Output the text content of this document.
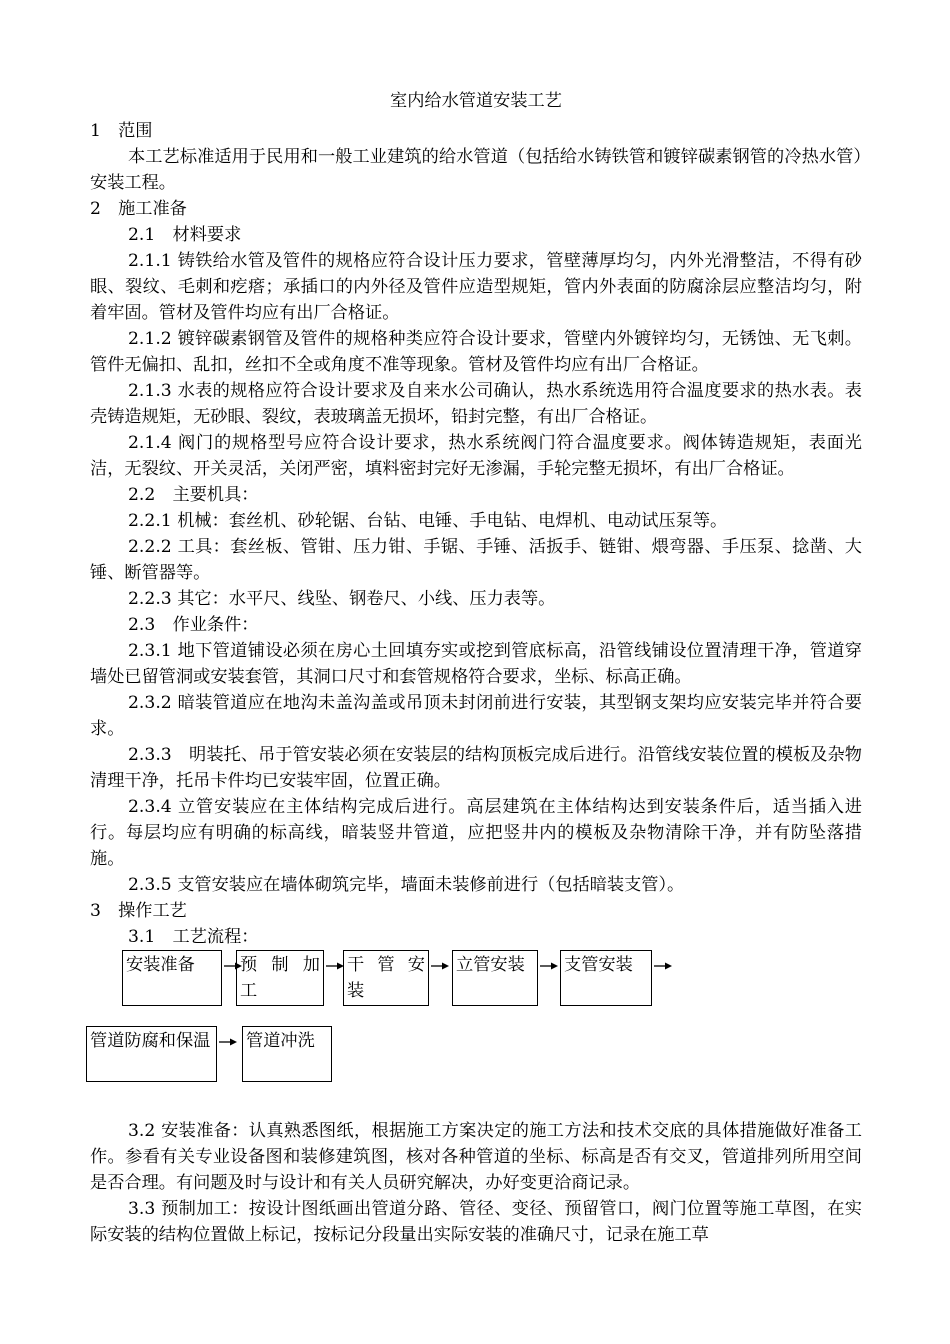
室内给水管道安装工艺

1　范围

本工艺标准适用于民用和一般工业建筑的给水管道（包括给水铸铁管和镀锌碳素钢管的冷热水管）安装工程。

2　施工准备

2.1　材料要求

2.1.1 铸铁给水管及管件的规格应符合设计压力要求，管壁薄厚均匀，内外光滑整洁，不得有砂眼、裂纹、毛刺和疙瘩；承插口的内外径及管件应造型规矩，管内外表面的防腐涂层应整洁均匀，附着牢固。管材及管件均应有出厂合格证。

2.1.2 镀锌碳素钢管及管件的规格种类应符合设计要求，管壁内外镀锌均匀，无锈蚀、无飞刺。管件无偏扣、乱扣，丝扣不全或角度不准等现象。管材及管件均应有出厂合格证。

2.1.3 水表的规格应符合设计要求及自来水公司确认，热水系统选用符合温度要求的热水表。表壳铸造规矩，无砂眼、裂纹，表玻璃盖无损坏，铅封完整，有出厂合格证。

2.1.4 阀门的规格型号应符合设计要求，热水系统阀门符合温度要求。阀体铸造规矩，表面光洁，无裂纹、开关灵活，关闭严密，填料密封完好无渗漏，手轮完整无损坏，有出厂合格证。

2.2　主要机具：

2.2.1 机械：套丝机、砂轮锯、台钻、电锤、手电钻、电焊机、电动试压泵等。

2.2.2 工具：套丝板、管钳、压力钳、手锯、手锤、活扳手、链钳、煨弯器、手压泵、捻凿、大锤、断管器等。

2.2.3 其它：水平尺、线坠、钢卷尺、小线、压力表等。

2.3　作业条件：

2.3.1 地下管道铺设必须在房心土回填夯实或挖到管底标高，沿管线铺设位置清理干净，管道穿墙处已留管洞或安装套管，其洞口尺寸和套管规格符合要求，坐标、标高正确。

2.3.2 暗装管道应在地沟未盖沟盖或吊顶未封闭前进行安装，其型钢支架均应安装完毕并符合要求。

2.3.3　明装托、吊于管安装必须在安装层的结构顶板完成后进行。沿管线安装位置的模板及杂物清理干净，托吊卡件均已安装牢固，位置正确。

2.3.4 立管安装应在主体结构完成后进行。高层建筑在主体结构达到安装条件后，适当插入进行。每层均应有明确的标高线，暗装竖井管道，应把竖井内的模板及杂物清除干净，并有防坠落措施。

2.3.5 支管安装应在墙体砌筑完毕，墙面未装修前进行（包括暗装支管）。

3　操作工艺

3.1　工艺流程：

安装准备	预 制 加 工
干 管 安 装
立管安装	支管安装
管道防腐和保温	管道冲洗

3.2 安装准备：认真熟悉图纸，根据施工方案决定的施工方法和技术交底的具体措施做好准备工作。参看有关专业设备图和装修建筑图，核对各种管道的坐标、标高是否有交叉，管道排列所用空间是否合理。有问题及时与设计和有关人员研究解决，办好变更洽商记录。

3.3 预制加工：按设计图纸画出管道分路、管径、变径、预留管口，阀门位置等施工草图，在实际安装的结构位置做上标记，按标记分段量出实际安装的准确尺寸，记录在施工草
